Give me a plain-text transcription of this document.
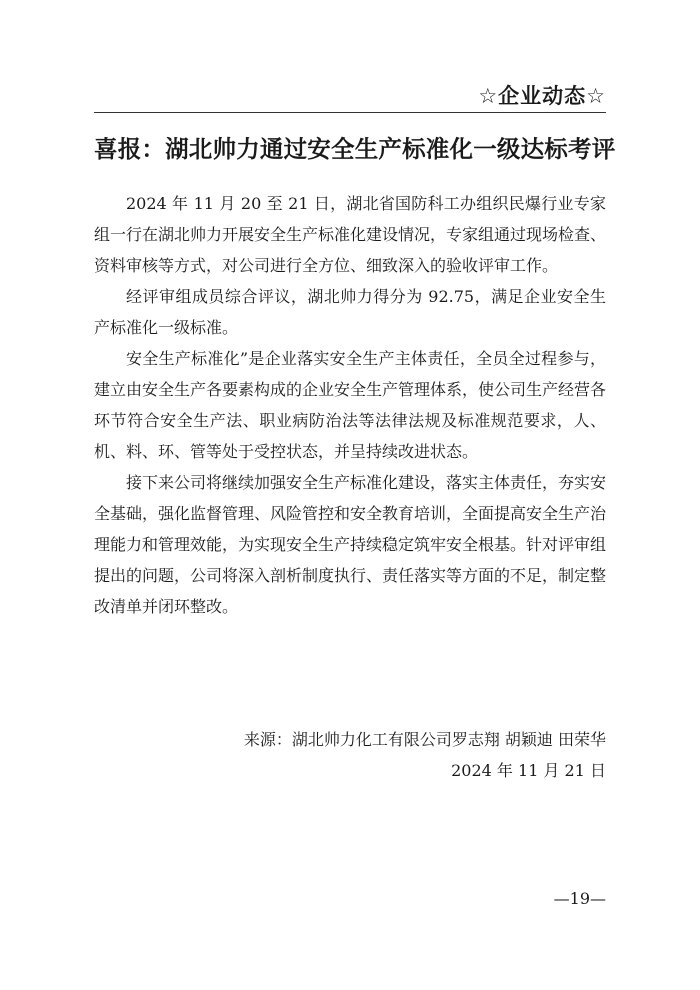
☆企业动态☆
喜报：湖北帅力通过安全生产标准化一级达标考评

2024 年 11 月 20 至 21 日，湖北省国防科工办组织民爆行业专家组一行在湖北帅力开展安全生产标准化建设情况，专家组通过现场检查、资料审核等方式，对公司进行全方位、细致深入的验收评审工作。

经评审组成员综合评议，湖北帅力得分为 92.75，满足企业安全生产标准化一级标准。

安全生产标准化”是企业落实安全生产主体责任，全员全过程参与，建立由安全生产各要素构成的企业安全生产管理体系，使公司生产经营各环节符合安全生产法、职业病防治法等法律法规及标准规范要求，人、机、料、环、管等处于受控状态，并呈持续改进状态。

接下来公司将继续加强安全生产标准化建设，落实主体责任，夯实安全基础，强化监督管理、风险管控和安全教育培训，全面提高安全生产治理能力和管理效能，为实现安全生产持续稳定筑牢安全根基。针对评审组提出的问题，公司将深入剖析制度执行、责任落实等方面的不足，制定整改清单并闭环整改。

来源：湖北帅力化工有限公司罗志翔 胡颖迪 田荣华
2024 年 11 月 21 日
—19—
